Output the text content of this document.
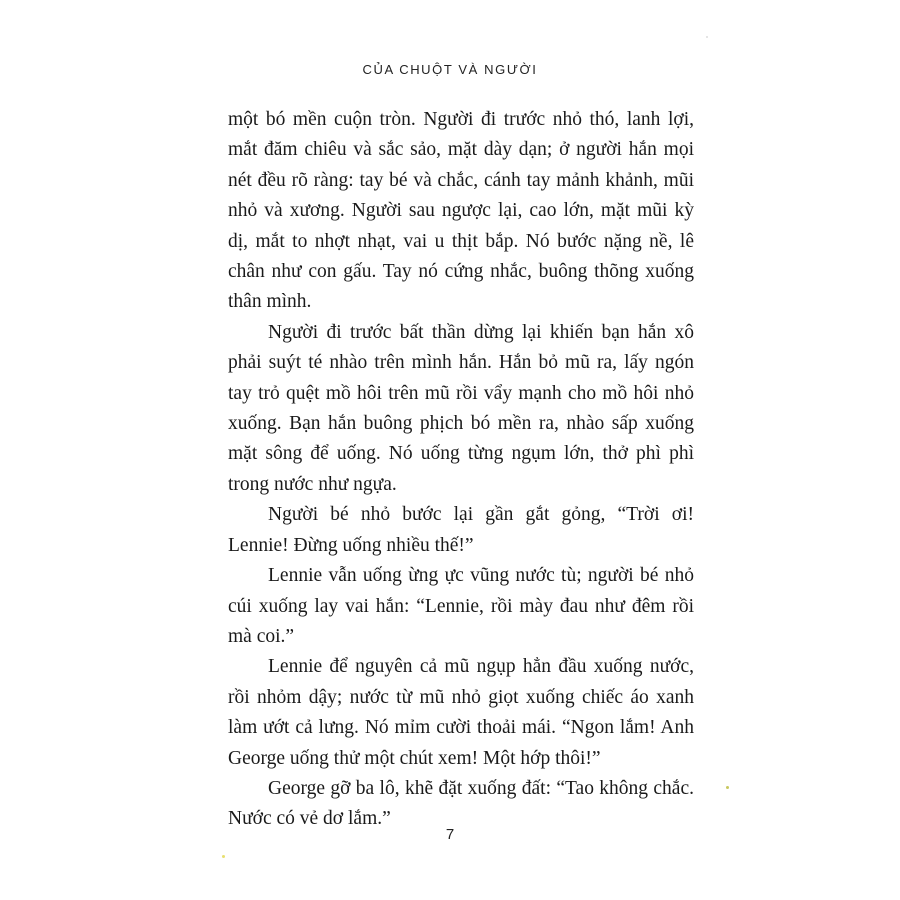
CỦA CHUỘT VÀ NGƯỜI

một bó mền cuộn tròn. Người đi trước nhỏ thó, lanh lợi, mắt đăm chiêu và sắc sảo, mặt dày dạn; ở người hắn mọi nét đều rõ ràng: tay bé và chắc, cánh tay mảnh khảnh, mũi nhỏ và xương. Người sau ngược lại, cao lớn, mặt mũi kỳ dị, mắt to nhợt nhạt, vai u thịt bắp. Nó bước nặng nề, lê chân như con gấu. Tay nó cứng nhắc, buông thõng xuống thân mình.

Người đi trước bất thần dừng lại khiến bạn hắn xô phải suýt té nhào trên mình hắn. Hắn bỏ mũ ra, lấy ngón tay trỏ quệt mồ hôi trên mũ rồi vẩy mạnh cho mồ hôi nhỏ xuống. Bạn hắn buông phịch bó mền ra, nhào sấp xuống mặt sông để uống. Nó uống từng ngụm lớn, thở phì phì trong nước như ngựa.

Người bé nhỏ bước lại gần gắt gỏng, “Trời ơi! Lennie! Đừng uống nhiều thế!”

Lennie vẫn uống ừng ực vũng nước tù; người bé nhỏ cúi xuống lay vai hắn: “Lennie, rồi mày đau như đêm rồi mà coi.”

Lennie để nguyên cả mũ ngụp hẳn đầu xuống nước, rồi nhỏm dậy; nước từ mũ nhỏ giọt xuống chiếc áo xanh làm ướt cả lưng. Nó mỉm cười thoải mái. “Ngon lắm! Anh George uống thử một chút xem! Một hớp thôi!”

George gỡ ba lô, khẽ đặt xuống đất: “Tao không chắc. Nước có vẻ dơ lắm.”

7
